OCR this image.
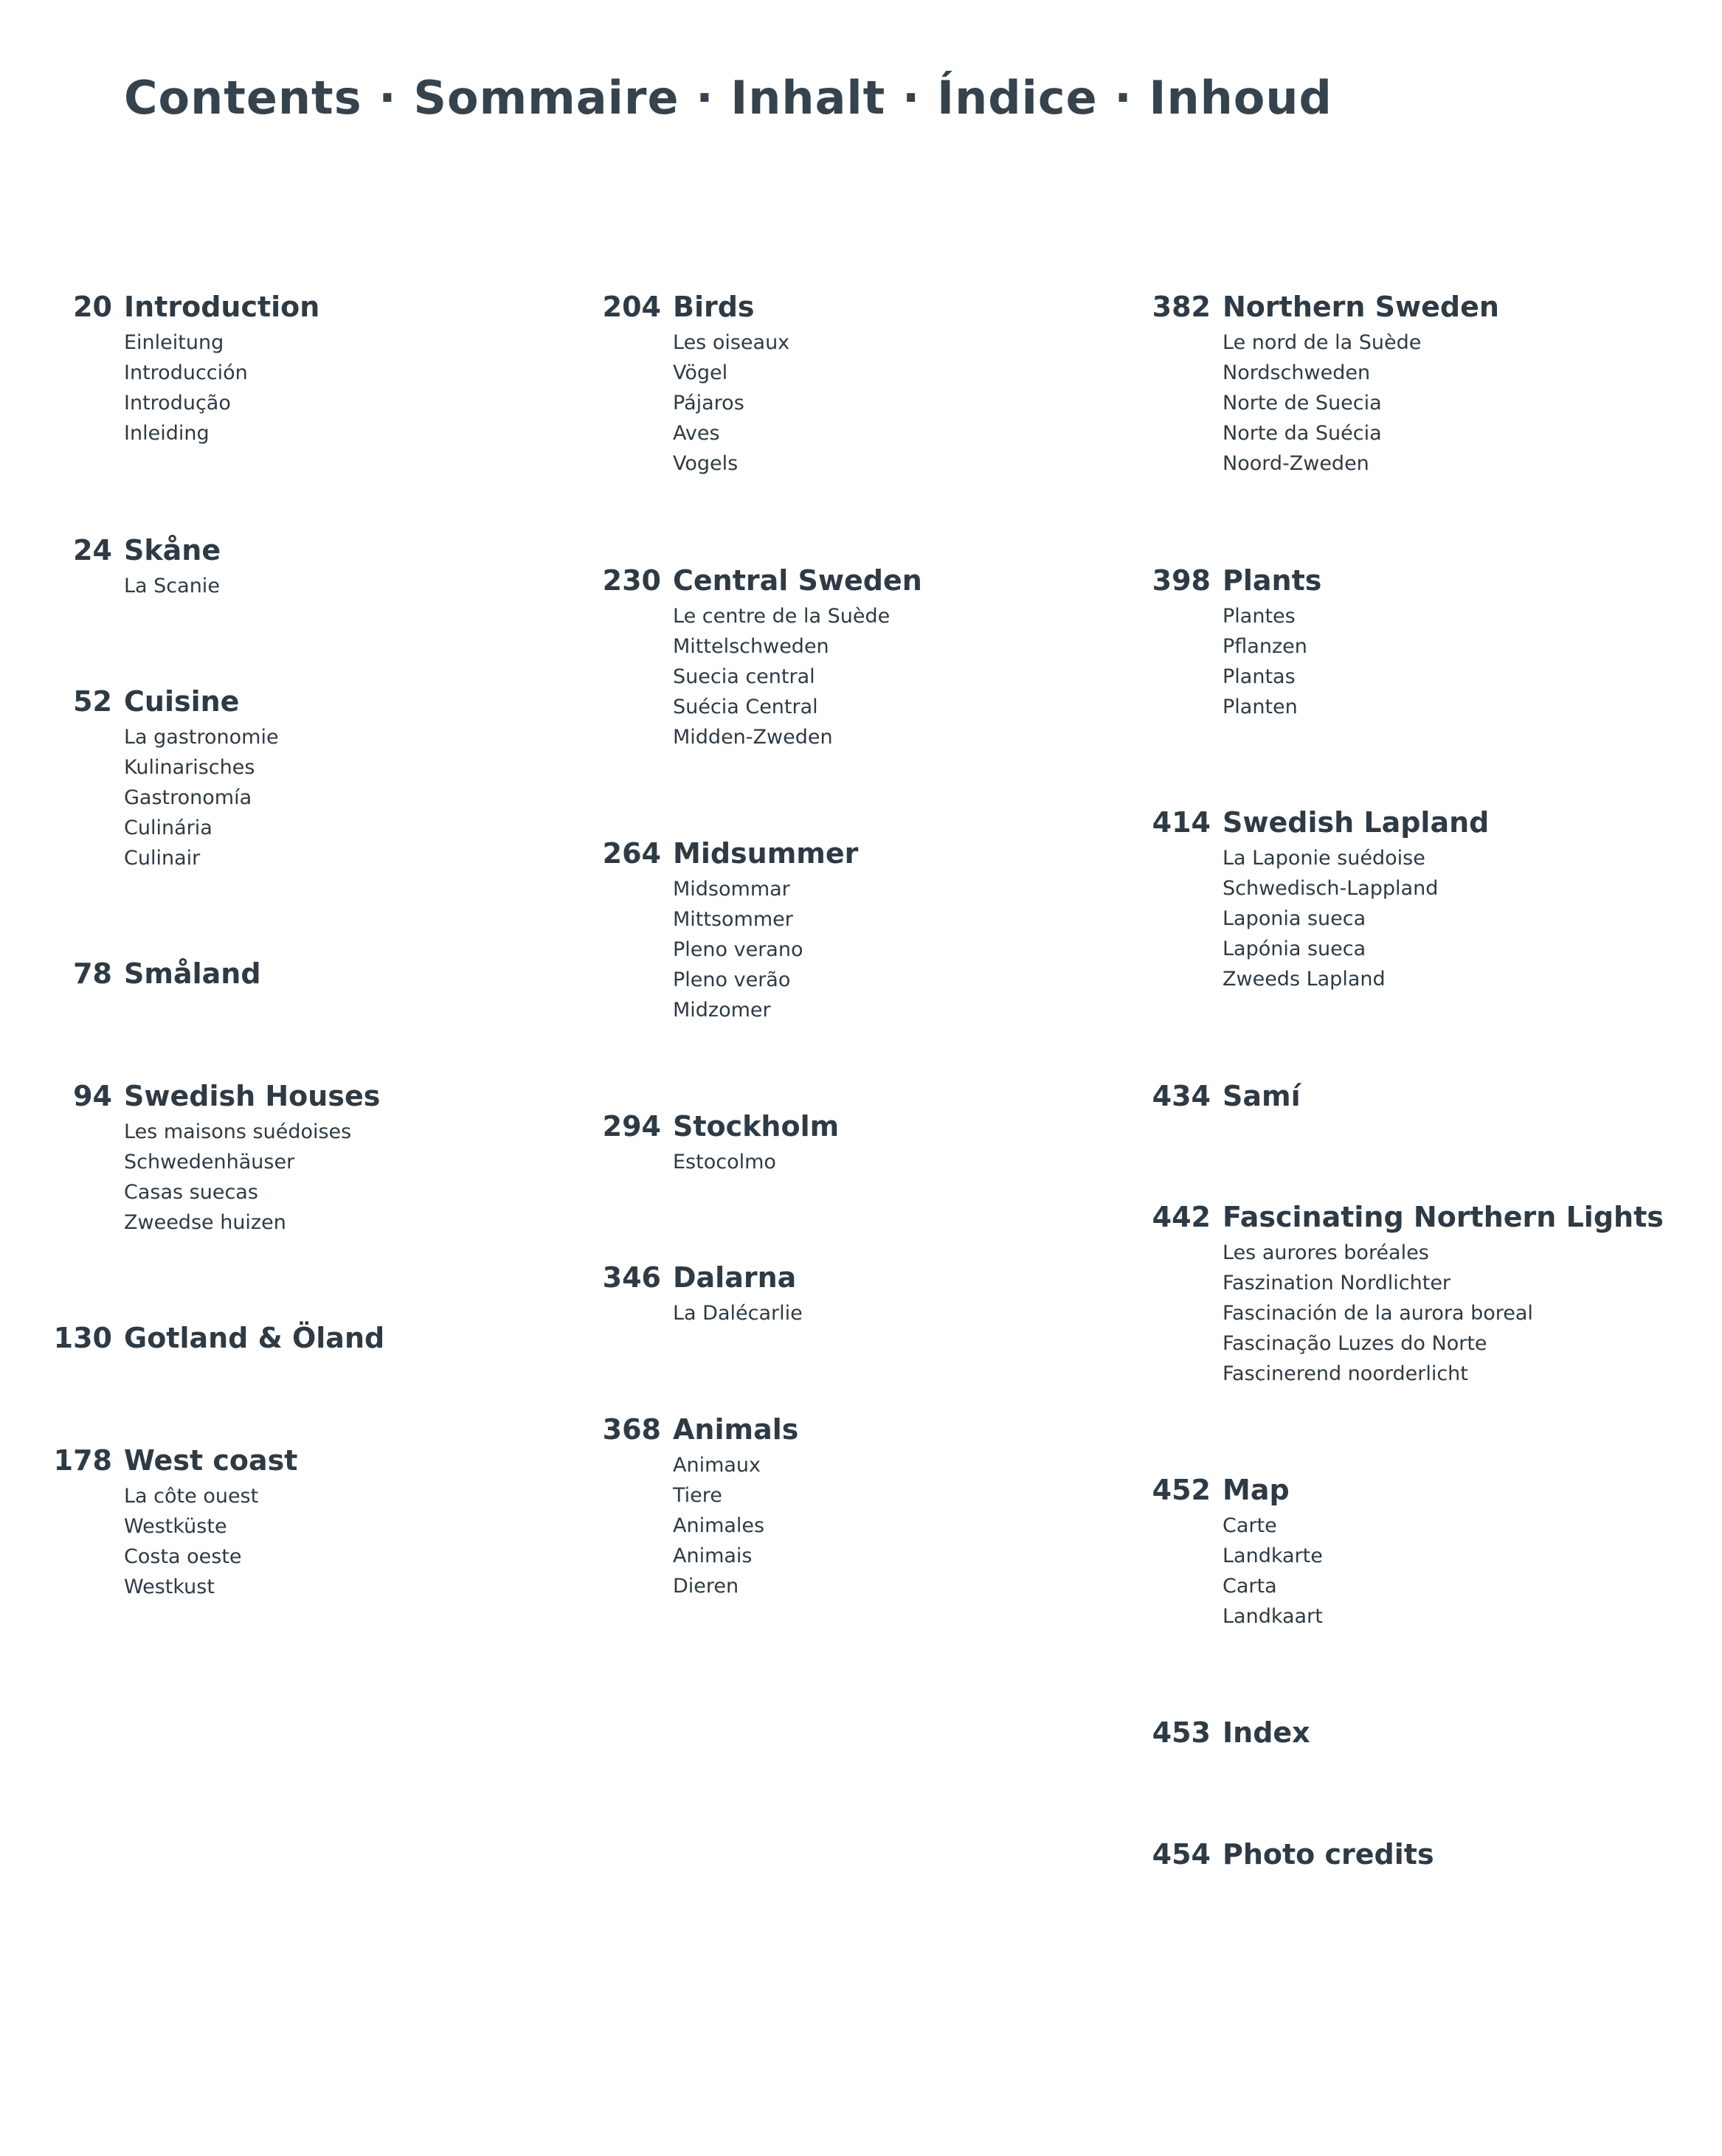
Contents · Sommaire · Inhalt · Índice · Inhoud
20 Introduction
Einleitung
Introducción
Introdução
Inleiding
24 Skåne
La Scanie
52 Cuisine
La gastronomie
Kulinarisches
Gastronomía
Culinária
Culinair
78 Småland
94 Swedish Houses
Les maisons suédoises
Schwedenhäuser
Casas suecas
Zweedse huizen
130 Gotland & Öland
178 West coast
La côte ouest
Westküste
Costa oeste
Westkust
204 Birds
Les oiseaux
Vögel
Pájaros
Aves
Vogels
230 Central Sweden
Le centre de la Suède
Mittelschweden
Suecia central
Suécia Central
Midden-Zweden
264 Midsummer
Midsommar
Mittsommer
Pleno verano
Pleno verão
Midzomer
294 Stockholm
Estocolmo
346 Dalarna
La Dalécarlie
368 Animals
Animaux
Tiere
Animales
Animais
Dieren
382 Northern Sweden
Le nord de la Suède
Nordschweden
Norte de Suecia
Norte da Suécia
Noord-Zweden
398 Plants
Plantes
Pflanzen
Plantas
Planten
414 Swedish Lapland
La Laponie suédoise
Schwedisch-Lappland
Laponia sueca
Lapónia sueca
Zweeds Lapland
434 Samí
442 Fascinating Northern Lights
Les aurores boréales
Faszination Nordlichter
Fascinación de la aurora boreal
Fascinação Luzes do Norte
Fascinerend noorderlicht
452 Map
Carte
Landkarte
Carta
Landkaart
453 Index
454 Photo credits
